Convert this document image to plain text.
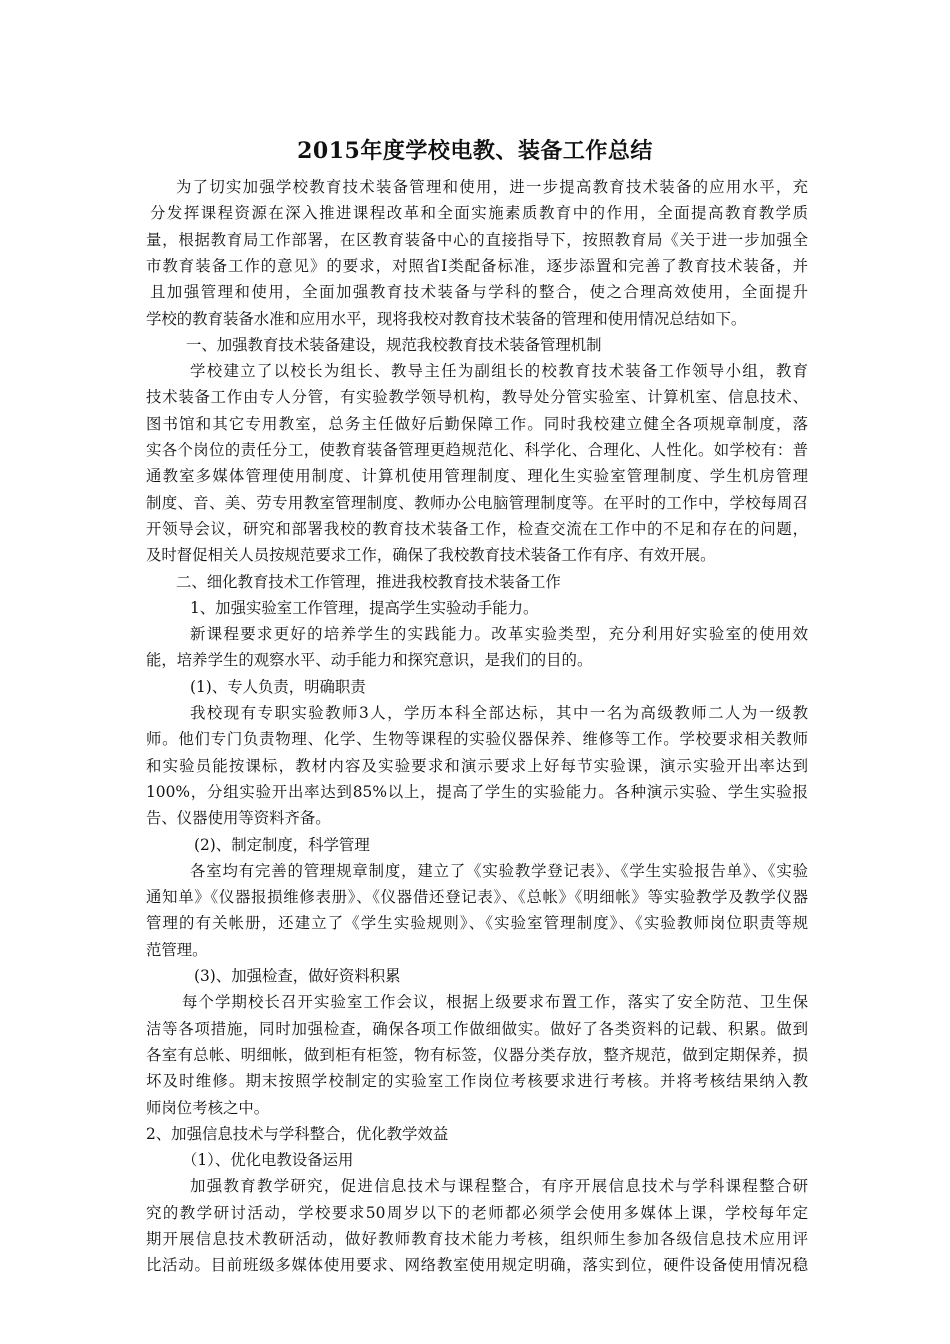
2015年度学校电教、装备工作总结
为了切实加强学校教育技术装备管理和使用，进一步提高教育技术装备的应用水平，充
分发挥课程资源在深入推进课程改革和全面实施素质教育中的作用，全面提高教育教学质
量，根据教育局工作部署，在区教育装备中心的直接指导下，按照教育局《关于进一步加强全
市教育装备工作的意见》的要求，对照省Ⅰ类配备标准，逐步添置和完善了教育技术装备，并
且加强管理和使用，全面加强教育技术装备与学科的整合，使之合理高效使用，全面提升
学校的教育装备水准和应用水平，现将我校对教育技术装备的管理和使用情况总结如下。
一、加强教育技术装备建设，规范我校教育技术装备管理机制
学校建立了以校长为组长、教导主任为副组长的校教育技术装备工作领导小组，教育
技术装备工作由专人分管，有实验教学领导机构，教导处分管实验室、计算机室、信息技术、
图书馆和其它专用教室，总务主任做好后勤保障工作。同时我校建立健全各项规章制度，落
实各个岗位的责任分工，使教育装备管理更趋规范化、科学化、合理化、人性化。如学校有：普
通教室多媒体管理使用制度、计算机使用管理制度、理化生实验室管理制度、学生机房管理
制度、音、美、劳专用教室管理制度、教师办公电脑管理制度等。在平时的工作中，学校每周召
开领导会议，研究和部署我校的教育技术装备工作，检查交流在工作中的不足和存在的问题，
及时督促相关人员按规范要求工作，确保了我校教育技术装备工作有序、有效开展。
二、细化教育技术工作管理，推进我校教育技术装备工作
1、加强实验室工作管理，提高学生实验动手能力。
新课程要求更好的培养学生的实践能力。改革实验类型，充分利用好实验室的使用效
能，培养学生的观察水平、动手能力和探究意识，是我们的目的。
(1)、专人负责，明确职责
我校现有专职实验教师3人，学历本科全部达标，其中一名为高级教师二人为一级教
师。他们专门负责物理、化学、生物等课程的实验仪器保养、维修等工作。学校要求相关教师
和实验员能按课标，教材内容及实验要求和演示要求上好每节实验课，演示实验开出率达到
100%，分组实验开出率达到85%以上，提高了学生的实验能力。各种演示实验、学生实验报
告、仪器使用等资料齐备。
(2)、制定制度，科学管理
各室均有完善的管理规章制度，建立了《实验教学登记表》、《学生实验报告单》、《实验
通知单》《仪器报损维修表册》、《仪器借还登记表》、《总帐》《明细帐》等实验教学及教学仪器
管理的有关帐册，还建立了《学生实验规则》、《实验室管理制度》、《实验教师岗位职责等规
范管理。
(3)、加强检查，做好资料积累
每个学期校长召开实验室工作会议，根据上级要求布置工作，落实了安全防范、卫生保
洁等各项措施，同时加强检查，确保各项工作做细做实。做好了各类资料的记载、积累。做到
各室有总帐、明细帐，做到柜有柜签，物有标签，仪器分类存放，整齐规范，做到定期保养，损
坏及时维修。期末按照学校制定的实验室工作岗位考核要求进行考核。并将考核结果纳入教
师岗位考核之中。
2、加强信息技术与学科整合，优化教学效益
（1）、优化电教设备运用
加强教育教学研究，促进信息技术与课程整合，有序开展信息技术与学科课程整合研
究的教学研讨活动，学校要求50周岁以下的老师都必须学会使用多媒体上课，学校每年定
期开展信息技术教研活动，做好教师教育技术能力考核，组织师生参加各级信息技术应用评
比活动。目前班级多媒体使用要求、网络教室使用规定明确，落实到位，硬件设备使用情况稳
